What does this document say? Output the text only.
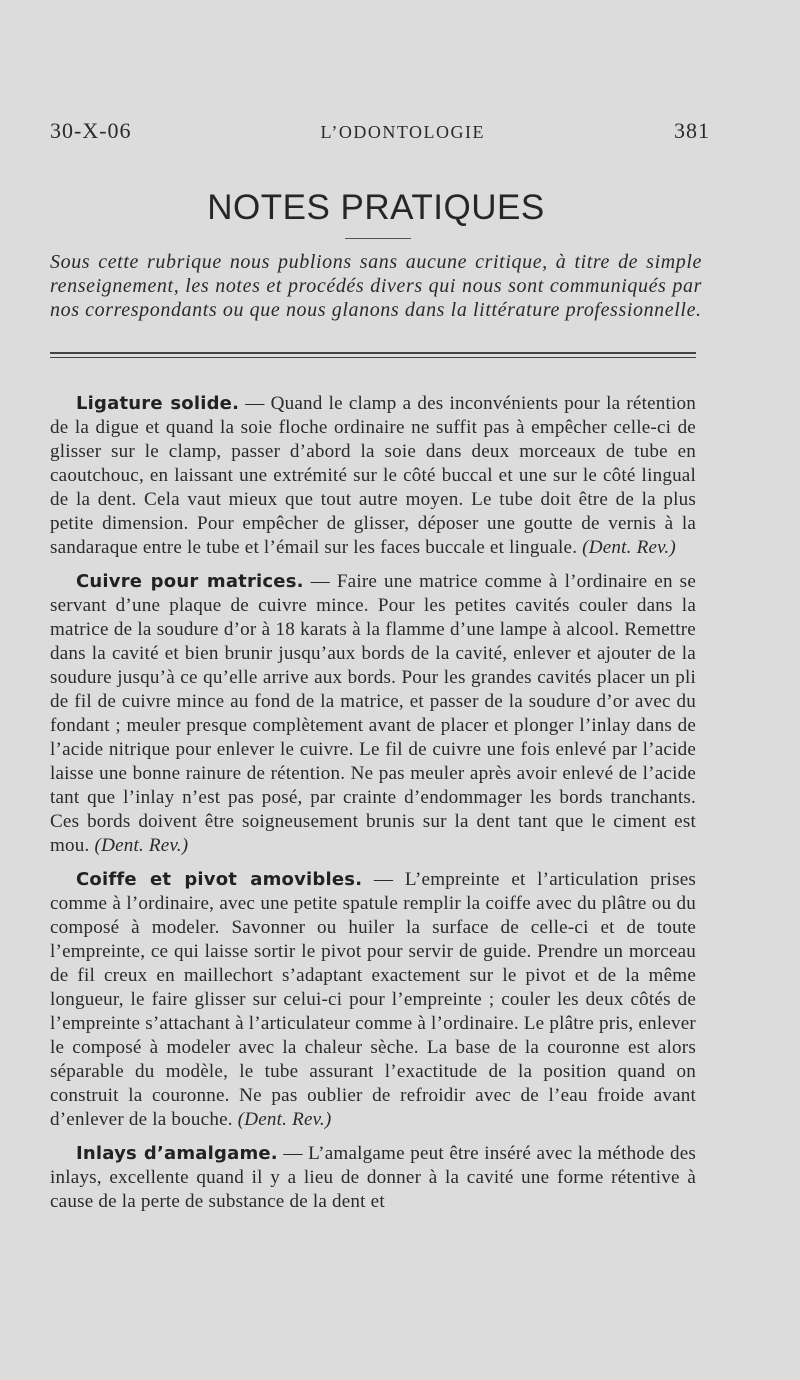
30-X-06	L’ODONTOLOGIE	381
NOTES PRATIQUES
Sous cette rubrique nous publions sans aucune critique, à titre de simple renseignement, les notes et procédés divers qui nous sont communiqués par nos correspondants ou que nous glanons dans la littérature professionnelle.

Ligature solide. — Quand le clamp a des inconvénients pour la rétention de la digue et quand la soie floche ordinaire ne suffit pas à empêcher celle-ci de glisser sur le clamp, passer d’abord la soie dans deux morceaux de tube en caoutchouc, en laissant une extrémité sur le côté buccal et une sur le côté lingual de la dent. Cela vaut mieux que tout autre moyen. Le tube doit être de la plus petite dimension. Pour empêcher de glisser, déposer une goutte de vernis à la sandaraque entre le tube et l’émail sur les faces buccale et linguale. (Dent. Rev.)

Cuivre pour matrices. — Faire une matrice comme à l’ordinaire en se servant d’une plaque de cuivre mince. Pour les petites cavités couler dans la matrice de la soudure d’or à 18 karats à la flamme d’une lampe à alcool. Remettre dans la cavité et bien brunir jusqu’aux bords de la cavité, enlever et ajouter de la soudure jusqu’à ce qu’elle arrive aux bords. Pour les grandes cavités placer un pli de fil de cuivre mince au fond de la matrice, et passer de la soudure d’or avec du fondant ; meuler presque complètement avant de placer et plonger l’inlay dans de l’acide nitrique pour enlever le cuivre. Le fil de cuivre une fois enlevé par l’acide laisse une bonne rainure de rétention. Ne pas meuler après avoir enlevé de l’acide tant que l’inlay n’est pas posé, par crainte d’endommager les bords tranchants. Ces bords doivent être soigneusement brunis sur la dent tant que le ciment est mou. (Dent. Rev.)

Coiffe et pivot amovibles. — L’empreinte et l’articulation prises comme à l’ordinaire, avec une petite spatule remplir la coiffe avec du plâtre ou du composé à modeler. Savonner ou huiler la surface de celle-ci et de toute l’empreinte, ce qui laisse sortir le pivot pour servir de guide. Prendre un morceau de fil creux en maillechort s’adaptant exactement sur le pivot et de la même longueur, le faire glisser sur celui-ci pour l’empreinte ; couler les deux côtés de l’empreinte s’attachant à l’articulateur comme à l’ordinaire. Le plâtre pris, enlever le composé à modeler avec la chaleur sèche. La base de la couronne est alors séparable du modèle, le tube assurant l’exactitude de la position quand on construit la couronne. Ne pas oublier de refroidir avec de l’eau froide avant d’enlever de la bouche. (Dent. Rev.)

Inlays d’amalgame. — L’amalgame peut être inséré avec la méthode des inlays, excellente quand il y a lieu de donner à la cavité une forme rétentive à cause de la perte de substance de la dent et
